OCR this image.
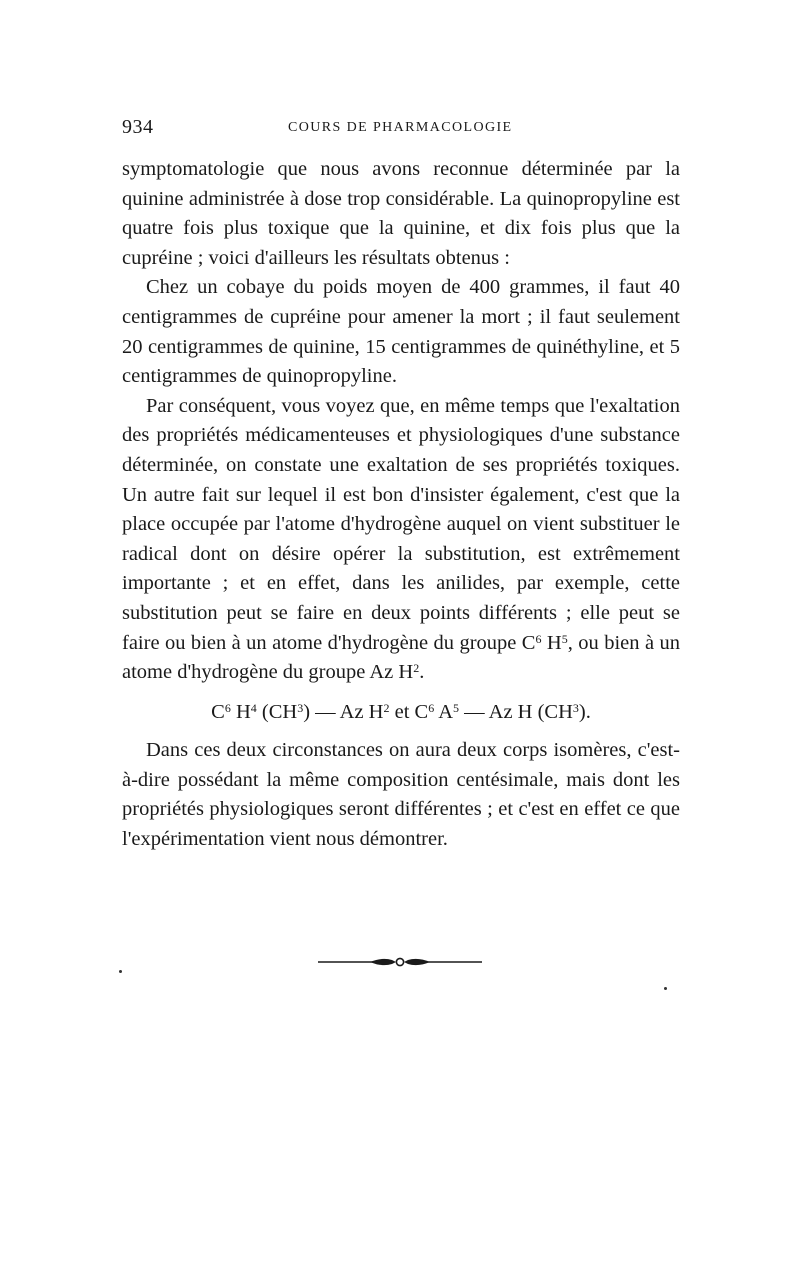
934	COURS DE PHARMACOLOGIE

symptomatologie que nous avons reconnue déterminée par la quinine administrée à dose trop considérable. La quinopropyline est quatre fois plus toxique que la quinine, et dix fois plus que la cupréine ; voici d'ailleurs les résultats obtenus :

Chez un cobaye du poids moyen de 400 grammes, il faut 40 centigrammes de cupréine pour amener la mort ; il faut seulement 20 centigrammes de quinine, 15 centigrammes de quinéthyline, et 5 centigrammes de quinopropyline.

Par conséquent, vous voyez que, en même temps que l'exaltation des propriétés médicamenteuses et physiologiques d'une substance déterminée, on constate une exaltation de ses propriétés toxiques. Un autre fait sur lequel il est bon d'insister également, c'est que la place occupée par l'atome d'hydrogène auquel on vient substituer le radical dont on désire opérer la substitution, est extrêmement importante ; et en effet, dans les anilides, par exemple, cette substitution peut se faire en deux points différents ; elle peut se faire ou bien à un atome d'hydrogène du groupe $C^6$ $H^5$, ou bien à un atome d'hydrogène du groupe Az $H^2$.

$C^6$ $H^4$ $(CH^3)$ — Az $H^2$ et $C^6$ $A^5$ — Az H $(CH^3)$.

Dans ces deux circonstances on aura deux corps isomères, c'est-à-dire possédant la même composition centésimale, mais dont les propriétés physiologiques seront différentes ; et c'est en effet ce que l'expérimentation vient nous démontrer.
